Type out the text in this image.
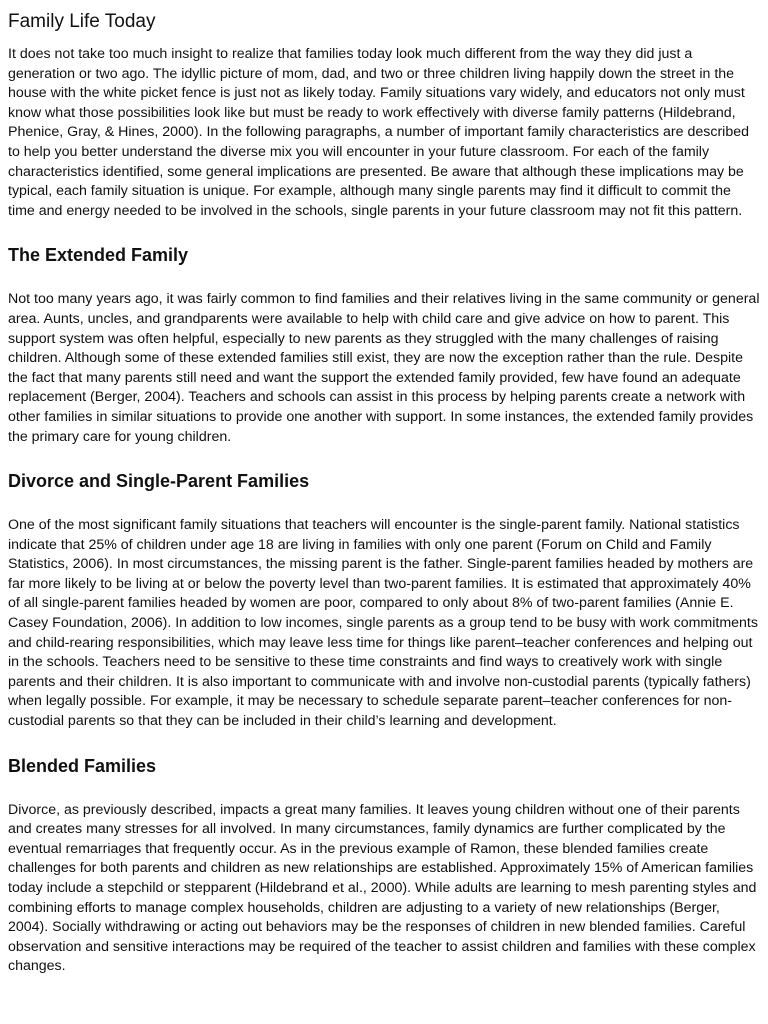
Family Life Today

It does not take too much insight to realize that families today look much different from the way they did just a generation or two ago. The idyllic picture of mom, dad, and two or three children living happily down the street in the house with the white picket fence is just not as likely today. Family situations vary widely, and educators not only must know what those possibilities look like but must be ready to work effectively with diverse family patterns (Hildebrand, Phenice, Gray, & Hines, 2000). In the following paragraphs, a number of important family characteristics are described to help you better understand the diverse mix you will encounter in your future classroom. For each of the family characteristics identified, some general implications are presented. Be aware that although these implications may be typical, each family situation is unique. For example, although many single parents may find it difficult to commit the time and energy needed to be involved in the schools, single parents in your future classroom may not fit this pattern.

The Extended Family

Not too many years ago, it was fairly common to find families and their relatives living in the same community or general area. Aunts, uncles, and grandparents were available to help with child care and give advice on how to parent. This support system was often helpful, especially to new parents as they struggled with the many challenges of raising children. Although some of these extended families still exist, they are now the exception rather than the rule. Despite the fact that many parents still need and want the support the extended family provided, few have found an adequate replacement (Berger, 2004). Teachers and schools can assist in this process by helping parents create a network with other families in similar situations to provide one another with support. In some instances, the extended family provides the primary care for young children.

Divorce and Single-Parent Families

One of the most significant family situations that teachers will encounter is the single-parent family. National statistics indicate that 25% of children under age 18 are living in families with only one parent (Forum on Child and Family Statistics, 2006). In most circumstances, the missing parent is the father. Single-parent families headed by mothers are far more likely to be living at or below the poverty level than two-parent families. It is estimated that approximately 40% of all single-parent families headed by women are poor, compared to only about 8% of two-parent families (Annie E. Casey Foundation, 2006). In addition to low incomes, single parents as a group tend to be busy with work commitments and child-rearing responsibilities, which may leave less time for things like parent–teacher conferences and helping out in the schools. Teachers need to be sensitive to these time constraints and find ways to creatively work with single parents and their children. It is also important to communicate with and involve non-custodial parents (typically fathers) when legally possible. For example, it may be necessary to schedule separate parent–teacher conferences for non-custodial parents so that they can be included in their child’s learning and development.

Blended Families

Divorce, as previously described, impacts a great many families. It leaves young children without one of their parents and creates many stresses for all involved. In many circumstances, family dynamics are further complicated by the eventual remarriages that frequently occur. As in the previous example of Ramon, these blended families create challenges for both parents and children as new relationships are established. Approximately 15% of American families today include a stepchild or stepparent (Hildebrand et al., 2000). While adults are learning to mesh parenting styles and combining efforts to manage complex households, children are adjusting to a variety of new relationships (Berger, 2004). Socially withdrawing or acting out behaviors may be the responses of children in new blended families. Careful observation and sensitive interactions may be required of the teacher to assist children and families with these complex changes.
